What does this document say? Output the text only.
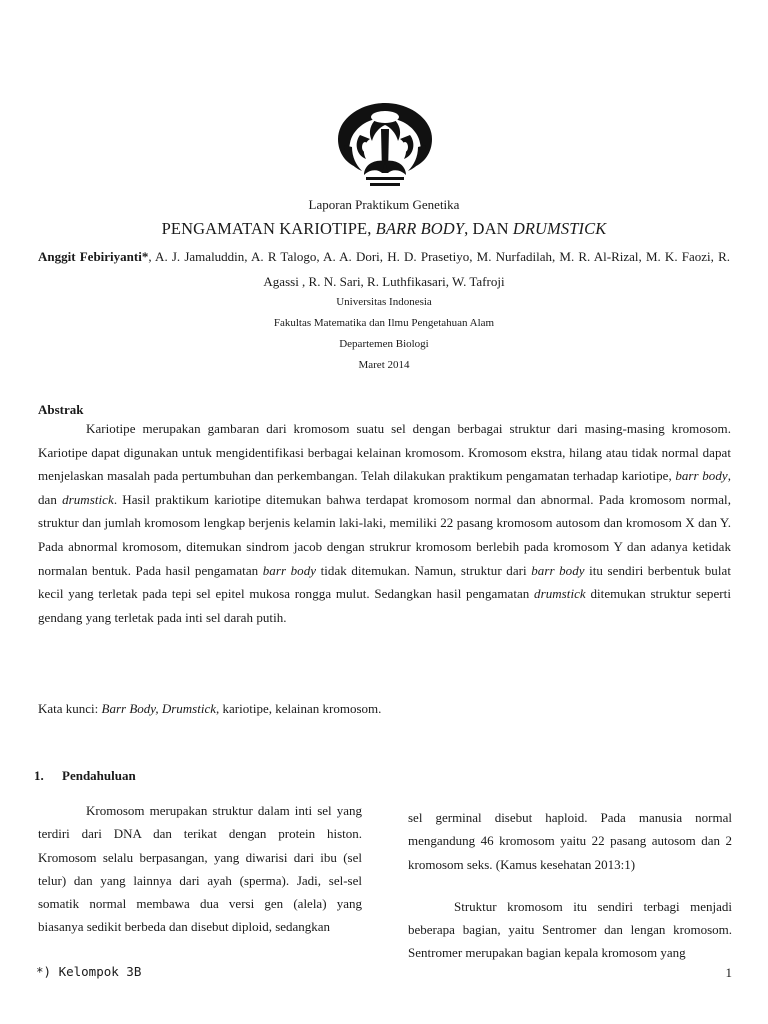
Laporan Praktikum Genetika
PENGAMATAN KARIOTIPE, BARR BODY, DAN DRUMSTICK
Anggit Febiriyanti*, A. J. Jamaluddin, A. R Talogo, A. A. Dori, H. D. Prasetiyo, M. Nurfadilah, M. R. Al-Rizal, M. K. Faozi, R. Agassi , R. N. Sari, R. Luthfikasari, W. Tafroji
Universitas Indonesia
Fakultas Matematika dan Ilmu Pengetahuan Alam
Departemen Biologi
Maret 2014
Abstrak
Kariotipe merupakan gambaran dari kromosom suatu sel dengan berbagai struktur dari masing-masing kromosom. Kariotipe dapat digunakan untuk mengidentifikasi berbagai kelainan kromosom. Kromosom ekstra, hilang atau tidak normal dapat menjelaskan masalah pada pertumbuhan dan perkembangan. Telah dilakukan praktikum pengamatan terhadap kariotipe, barr body, dan drumstick. Hasil praktikum kariotipe ditemukan bahwa terdapat kromosom normal dan abnormal. Pada kromosom normal, struktur dan jumlah kromosom lengkap berjenis kelamin laki-laki, memiliki 22 pasang kromosom autosom dan kromosom X dan Y. Pada abnormal kromosom, ditemukan sindrom jacob dengan strukrur kromosom berlebih pada kromosom Y dan adanya ketidak normalan bentuk. Pada hasil pengamatan barr body tidak ditemukan. Namun, struktur dari barr body itu sendiri berbentuk bulat kecil yang terletak pada tepi sel epitel mukosa rongga mulut. Sedangkan hasil pengamatan drumstick ditemukan struktur seperti gendang yang terletak pada inti sel darah putih.
Kata kunci: Barr Body, Drumstick, kariotipe, kelainan kromosom.
1. Pendahuluan

Kromosom merupakan struktur dalam inti sel yang terdiri dari DNA dan terikat dengan protein histon. Kromosom selalu berpasangan, yang diwarisi dari ibu (sel telur) dan yang lainnya dari ayah (sperma). Jadi, sel-sel somatik normal membawa dua versi gen (alela) yang biasanya sedikit berbeda dan disebut diploid, sedangkan

sel germinal disebut haploid. Pada manusia normal mengandung 46 kromosom yaitu 22 pasang autosom dan 2 kromosom seks. (Kamus kesehatan 2013:1)

Struktur kromosom itu sendiri terbagi menjadi beberapa bagian, yaitu Sentromer dan lengan kromosom. Sentromer merupakan bagian kepala kromosom yang

*) Kelompok 3B	1
